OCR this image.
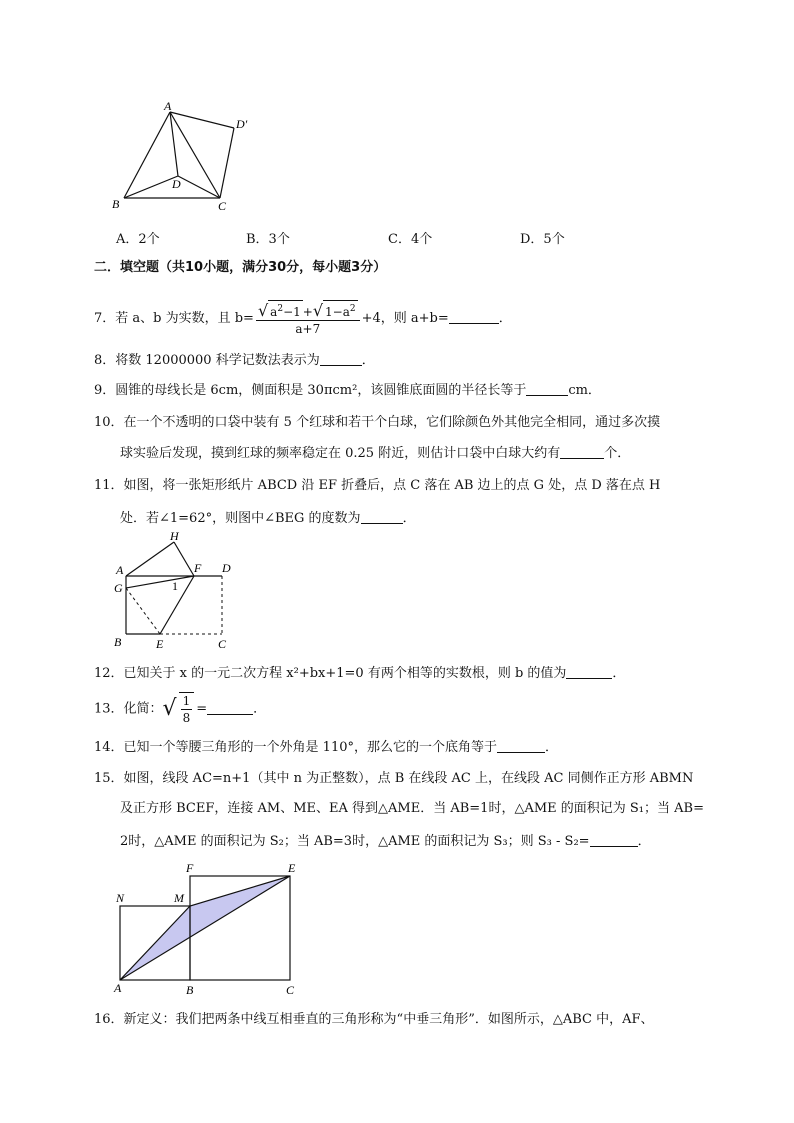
A
D′
D
B	C
A．2个	B．3个	C．4个	D．5个
二．填空题（共10小题，满分30分，每小题3分）
7．若 a、b 为实数，且 $b= \frac{√ a^2-1 +√ 1-a^2}{a+7} +4$，则 a+b=	．
8．将数 12000000 科学记数法表示为	．
9．圆锥的母线长是 6cm，侧面积是 30πcm²，该圆锥底面圆的半径长等于	cm．
10．在一个不透明的口袋中装有 5 个红球和若干个白球，它们除颜色外其他完全相同，通过多次摸
球实验后发现，摸到红球的频率稳定在 0.25 附近，则估计口袋中白球大约有	个．
11．如图，将一张矩形纸片 ABCD 沿 EF 折叠后，点 C 落在 AB 边上的点 G 处，点 D 落在点 H
处．若∠1=62°，则图中∠BEG 的度数为	．
H
A	F D
G	1
B	E	C
12．已知关于 x 的一元二次方程 x²+bx+1=0 有两个相等的实数根，则 b 的值为	．
13．化简：√ $\frac{1}{8}$ =	．
14．已知一个等腰三角形的一个外角是 110°，那么它的一个底角等于	．
15．如图，线段 AC=n+1（其中 n 为正整数），点 B 在线段 AC 上，在线段 AC 同侧作正方形 ABMN
及正方形 BCEF，连接 AM、ME、EA 得到△AME．当 AB=1时，△AME 的面积记为 S₁；当 AB=
2时，△AME 的面积记为 S₂；当 AB=3时，△AME 的面积记为 S₃；则 S₃ - S₂=	．
F	E
N	M
A	B	C
16．新定义：我们把两条中线互相垂直的三角形称为“中垂三角形”．如图所示，△ABC 中，AF、
